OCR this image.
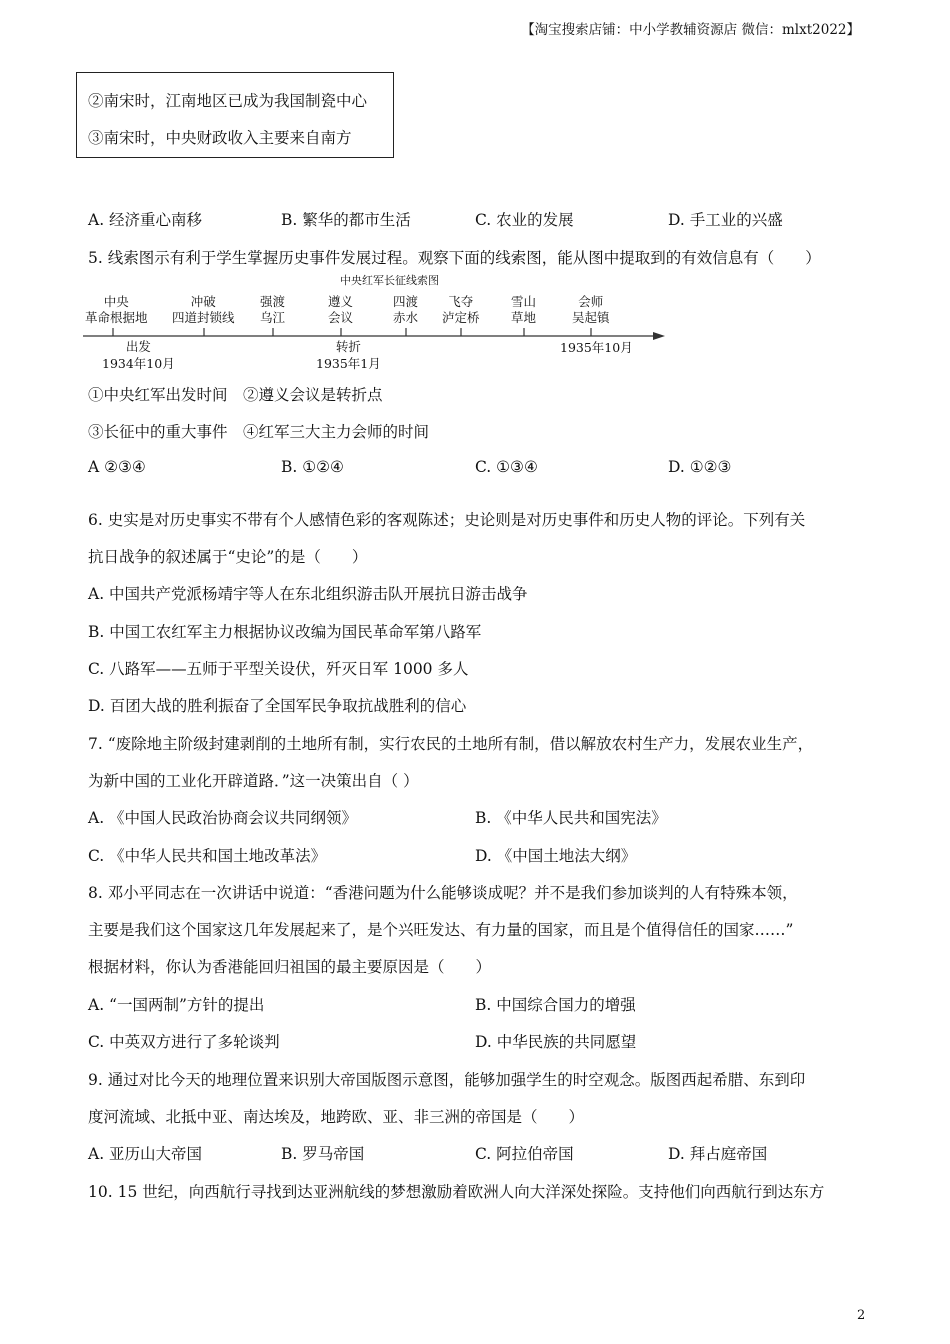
【淘宝搜索店铺：中小学教辅资源店 微信：mlxt2022】
②南宋时，江南地区已成为我国制瓷中心
③南宋时，中央财政收入主要来自南方
A. 经济重心南移	B. 繁华的都市生活	C. 农业的发展	D. 手工业的兴盛
5. 线索图示有利于学生掌握历史事件发展过程。观察下面的线索图，能从图中提取到的有效信息有（　　）
中央红军长征线索图
中央
革命根据地
冲破
四道封锁线
强渡
乌江
遵义
会议
四渡
赤水
飞夺
泸定桥
雪山
草地
会师
吴起镇
出发
1934年10月
转折
1935年1月
1935年10月
①中央红军出发时间　②遵义会议是转折点
③长征中的重大事件　④红军三大主力会师的时间
A ②③④	B. ①②④	C. ①③④	D. ①②③
6. 史实是对历史事实不带有个人感情色彩的客观陈述；史论则是对历史事件和历史人物的评论。下列有关
抗日战争的叙述属于“史论”的是（　　）
A. 中国共产党派杨靖宇等人在东北组织游击队开展抗日游击战争
B. 中国工农红军主力根据协议改编为国民革命军第八路军
C. 八路军——五师于平型关设伏，歼灭日军 1000 多人
D. 百团大战的胜利振奋了全国军民争取抗战胜利的信心
7. “废除地主阶级封建剥削的土地所有制，实行农民的土地所有制，借以解放农村生产力，发展农业生产，
为新中国的工业化开辟道路．”这一决策出自（ ）
A. 《中国人民政治协商会议共同纲领》	B. 《中华人民共和国宪法》
C. 《中华人民共和国土地改革法》	D. 《中国土地法大纲》
8. 邓小平同志在一次讲话中说道：“香港问题为什么能够谈成呢？并不是我们参加谈判的人有特殊本领，
主要是我们这个国家这几年发展起来了，是个兴旺发达、有力量的国家，而且是个值得信任的国家……”
根据材料，你认为香港能回归祖国的最主要原因是（　　）
A. “一国两制”方针的提出	B. 中国综合国力的增强
C. 中英双方进行了多轮谈判	D. 中华民族的共同愿望
9. 通过对比今天的地理位置来识别大帝国版图示意图，能够加强学生的时空观念。版图西起希腊、东到印
度河流域、北抵中亚、南达埃及，地跨欧、亚、非三洲的帝国是（　　）
A. 亚历山大帝国	B. 罗马帝国	C. 阿拉伯帝国	D. 拜占庭帝国
10. 15 世纪，向西航行寻找到达亚洲航线的梦想激励着欧洲人向大洋深处探险。支持他们向西航行到达东方
2
